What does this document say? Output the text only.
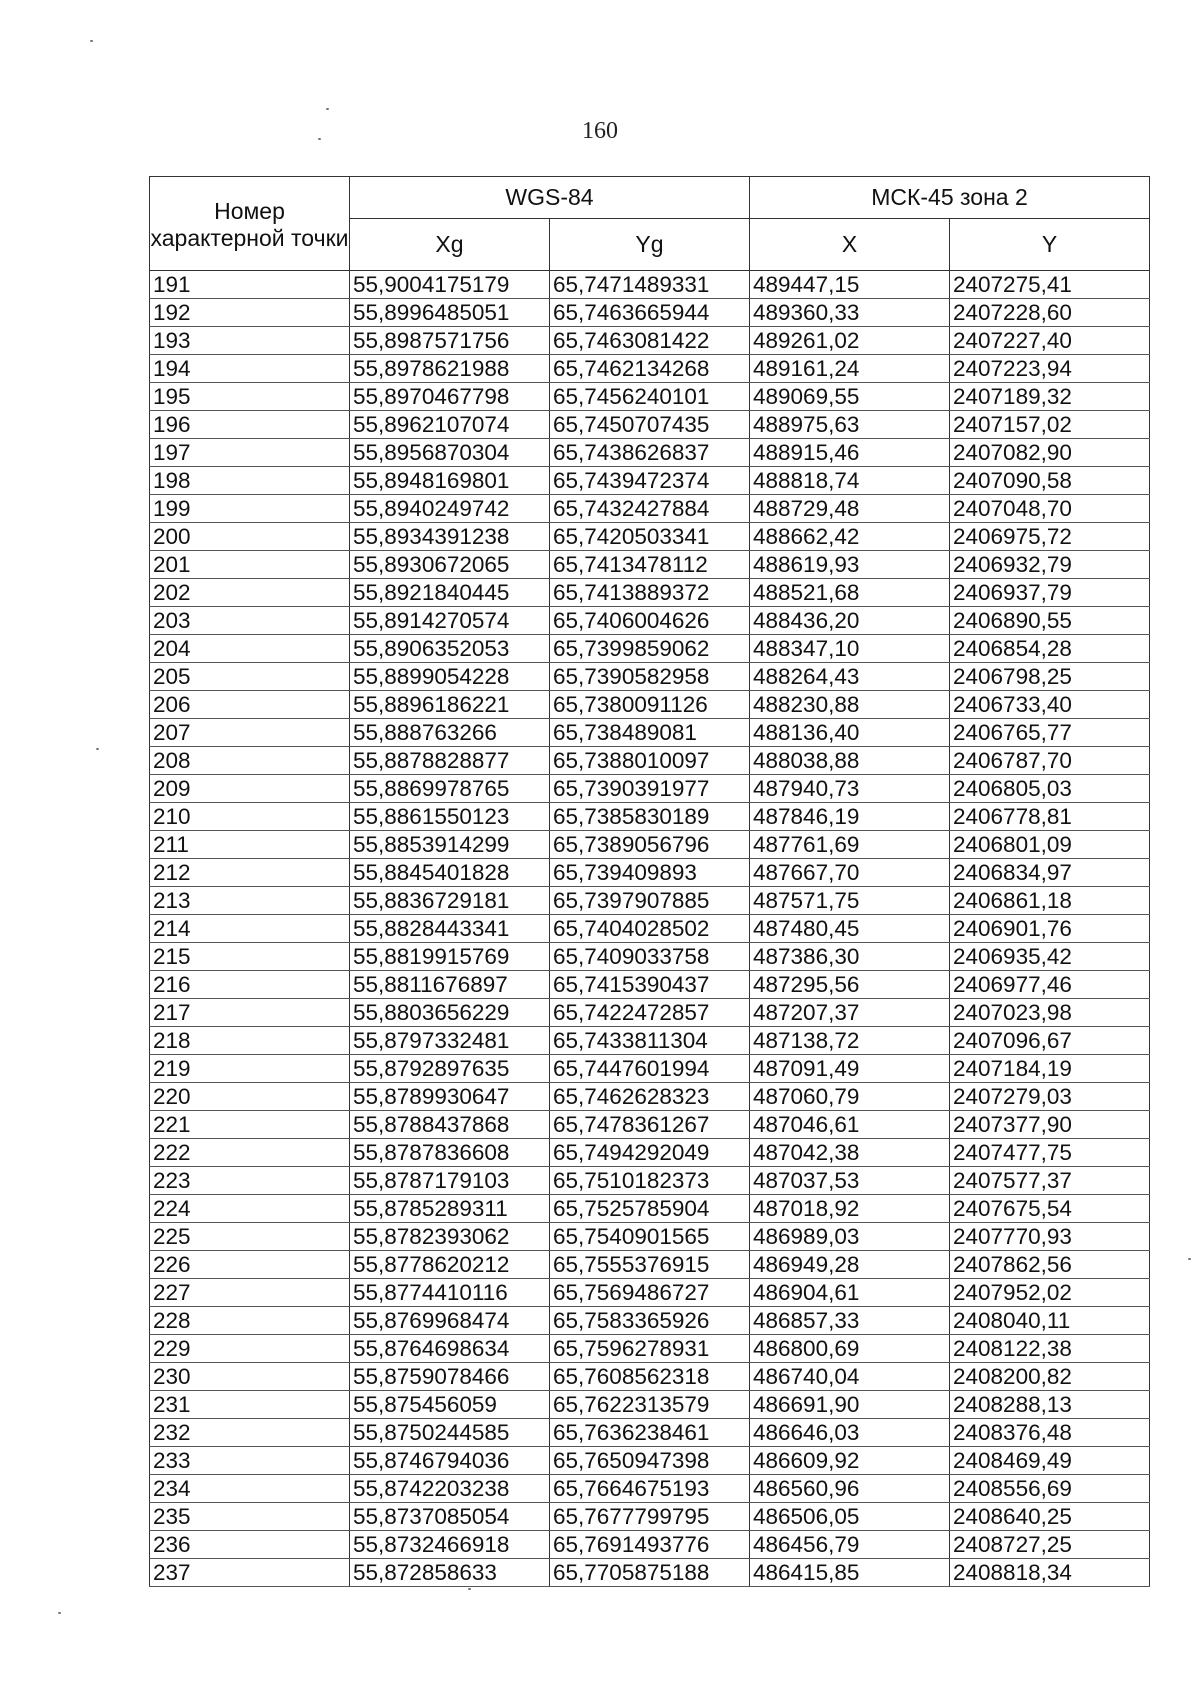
160
Номер характерной точки	WGS-84		МСК-45 зона 2	
	Xg	Yg	X	Y
191	55,9004175179	65,7471489331	489447,15	2407275,41
192	55,8996485051	65,7463665944	489360,33	2407228,60
193	55,8987571756	65,7463081422	489261,02	2407227,40
194	55,8978621988	65,7462134268	489161,24	2407223,94
195	55,8970467798	65,7456240101	489069,55	2407189,32
196	55,8962107074	65,7450707435	488975,63	2407157,02
197	55,8956870304	65,7438626837	488915,46	2407082,90
198	55,8948169801	65,7439472374	488818,74	2407090,58
199	55,8940249742	65,7432427884	488729,48	2407048,70
200	55,8934391238	65,7420503341	488662,42	2406975,72
201	55,8930672065	65,7413478112	488619,93	2406932,79
202	55,8921840445	65,7413889372	488521,68	2406937,79
203	55,8914270574	65,7406004626	488436,20	2406890,55
204	55,8906352053	65,7399859062	488347,10	2406854,28
205	55,8899054228	65,7390582958	488264,43	2406798,25
206	55,8896186221	65,7380091126	488230,88	2406733,40
207	55,888763266	65,738489081	488136,40	2406765,77
208	55,8878828877	65,7388010097	488038,88	2406787,70
209	55,8869978765	65,7390391977	487940,73	2406805,03
210	55,8861550123	65,7385830189	487846,19	2406778,81
211	55,8853914299	65,7389056796	487761,69	2406801,09
212	55,8845401828	65,739409893	487667,70	2406834,97
213	55,8836729181	65,7397907885	487571,75	2406861,18
214	55,8828443341	65,7404028502	487480,45	2406901,76
215	55,8819915769	65,7409033758	487386,30	2406935,42
216	55,8811676897	65,7415390437	487295,56	2406977,46
217	55,8803656229	65,7422472857	487207,37	2407023,98
218	55,8797332481	65,7433811304	487138,72	2407096,67
219	55,8792897635	65,7447601994	487091,49	2407184,19
220	55,8789930647	65,7462628323	487060,79	2407279,03
221	55,8788437868	65,7478361267	487046,61	2407377,90
222	55,8787836608	65,7494292049	487042,38	2407477,75
223	55,8787179103	65,7510182373	487037,53	2407577,37
224	55,8785289311	65,7525785904	487018,92	2407675,54
225	55,8782393062	65,7540901565	486989,03	2407770,93
226	55,8778620212	65,7555376915	486949,28	2407862,56
227	55,8774410116	65,7569486727	486904,61	2407952,02
228	55,8769968474	65,7583365926	486857,33	2408040,11
229	55,8764698634	65,7596278931	486800,69	2408122,38
230	55,8759078466	65,7608562318	486740,04	2408200,82
231	55,875456059	65,7622313579	486691,90	2408288,13
232	55,8750244585	65,7636238461	486646,03	2408376,48
233	55,8746794036	65,7650947398	486609,92	2408469,49
234	55,8742203238	65,7664675193	486560,96	2408556,69
235	55,8737085054	65,7677799795	486506,05	2408640,25
236	55,8732466918	65,7691493776	486456,79	2408727,25
237	55,872858633	65,7705875188	486415,85	2408818,34
